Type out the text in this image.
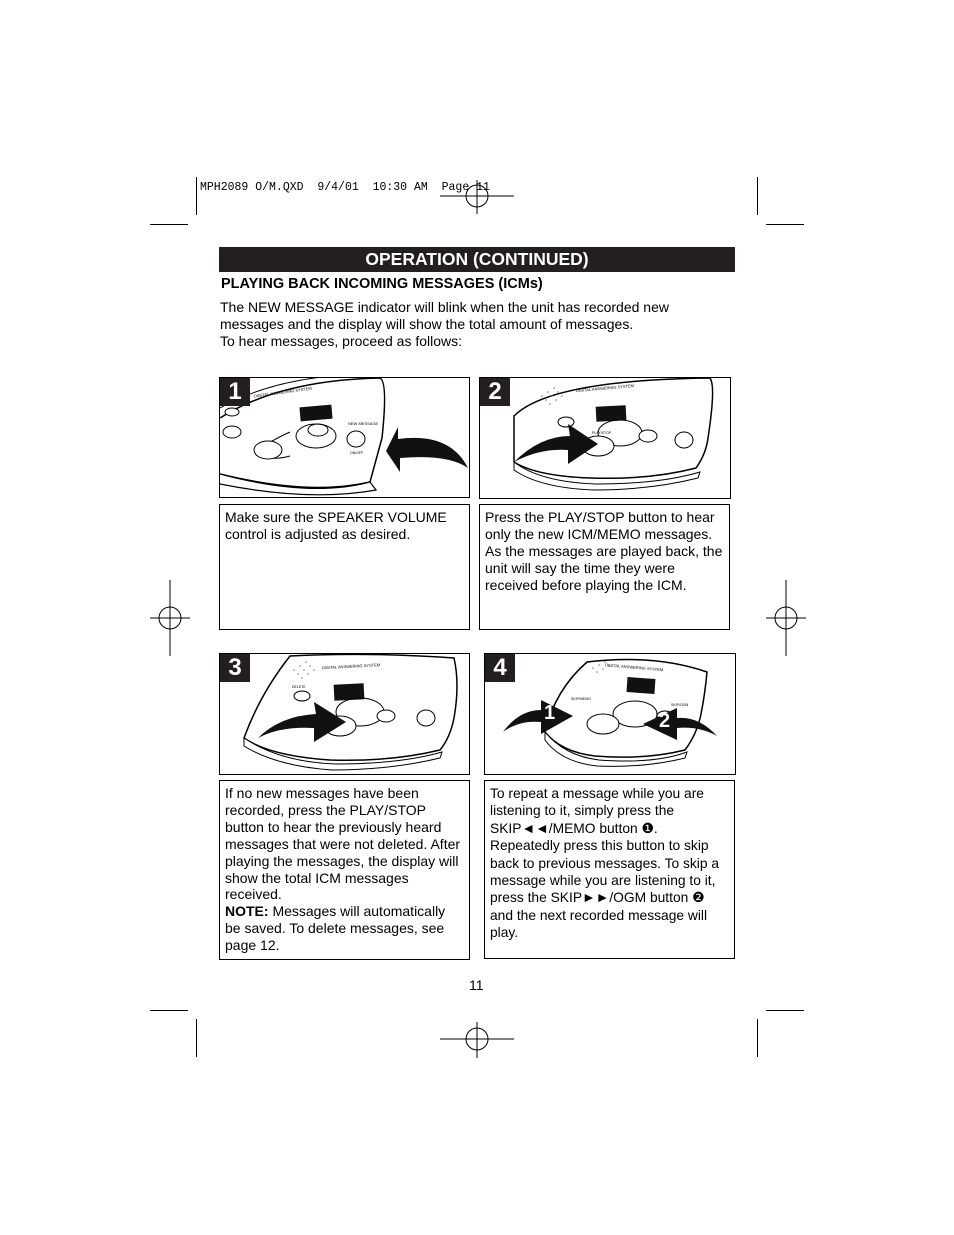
MPH2089 O/M.QXD 9/4/01 10:30 AM Page 11
OPERATION (CONTINUED)
PLAYING BACK INCOMING MESSAGES (ICMs)
The NEW MESSAGE indicator will blink when the unit has recorded new
messages and the display will show the total amount of messages.
To hear messages, proceed as follows:
DIGITAL ANSWERING SYSTEM
NEW MESSAGE
ON/OFF
1	DIGITAL ANSWERING SYSTEM
PLAY/STOP
2

Make sure the SPEAKER VOLUME control is adjusted as desired.

Press the PLAY/STOP button to hear only the new ICM/MEMO messages. As the messages are played back, the unit will say the time they were received before playing the ICM.

DIGITAL ANSWERING SYSTEM
DELETE
3	DIGITAL ANSWERING SYSTEM
SKIP/MEMO
SKIP/OGM
4
1	2

If no new messages have been recorded, press the PLAY/STOP button to hear the previously heard messages that were not deleted. After playing the messages, the display will show the total ICM messages received.
NOTE: Messages will automatically be saved. To delete messages, see page 12.

To repeat a message while you are listening to it, simply press the SKIP◄◄/MEMO button ❶. Repeatedly press this button to skip back to previous messages. To skip a message while you are listening to it, press the SKIP►►/OGM button ❷ and the next recorded message will play.

11
